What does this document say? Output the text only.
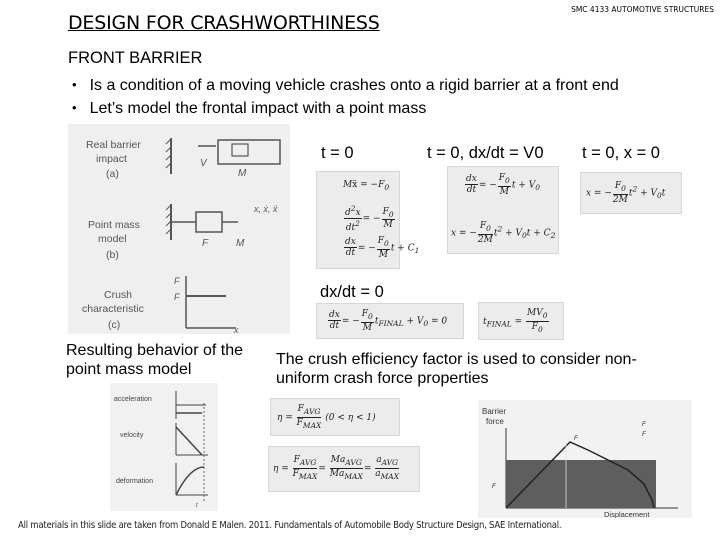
DESIGN FOR CRASHWORTHINESS
SMC 4133 AUTOMOTIVE STRUCTURES
FRONT BARRIER
• Is a condition of a moving vehicle crashes onto a rigid barrier at a front end
• Let’s model the frontal impact with a point mass
Real barrier
impact
(a)
V
M
Point mass
model
(b)
x, ẋ, ẍ
F	M
Crush
characteristic
(c)
F
F
x
t = 0	t = 0, dx/dt = V0 t = 0, x = 0
dx/dt = 0
Mẍ = $-F_0$
$\frac{d^2x}{dt^2}$ = − $\frac{F_0}{M}$
$\frac{dx}{dt}$ = − $\frac{F_0}{M}$ $t + C_1$
$\frac{dx}{dt}$ = − $\frac{F_0}{M}$ $t + V_0$
x = − $\frac{F_0}{2M} t^2 + V_0t + C_2$
x = − $\frac{F_0}{2M} t^2 + V_0t$
$\frac{dx}{dt}$ = − $\frac{F_0}{M} t_{FINAL} + V_0 = 0$	$t_{FINAL} = \frac{MV_0}{F_0}$
Resulting behavior of the point mass model
The crush efficiency factor is used to consider non-uniform crash force properties
acceleration
velocity
deformation
t
$\eta = \frac{F_{AVG}}{F_{MAX}} (0 < \eta < 1)$
$\eta = \frac{F_{AVG}}{F_{MAX}} = \frac{Ma_{AVG}}{Ma_{MAX}} = \frac{a_{AVG}}{a_{MAX}}$
Barrier
force
F
F
F
F
Displacement
All materials in this slide are taken from Donald E Malen. 2011. Fundamentals of Automobile Body Structure Design, SAE International.
